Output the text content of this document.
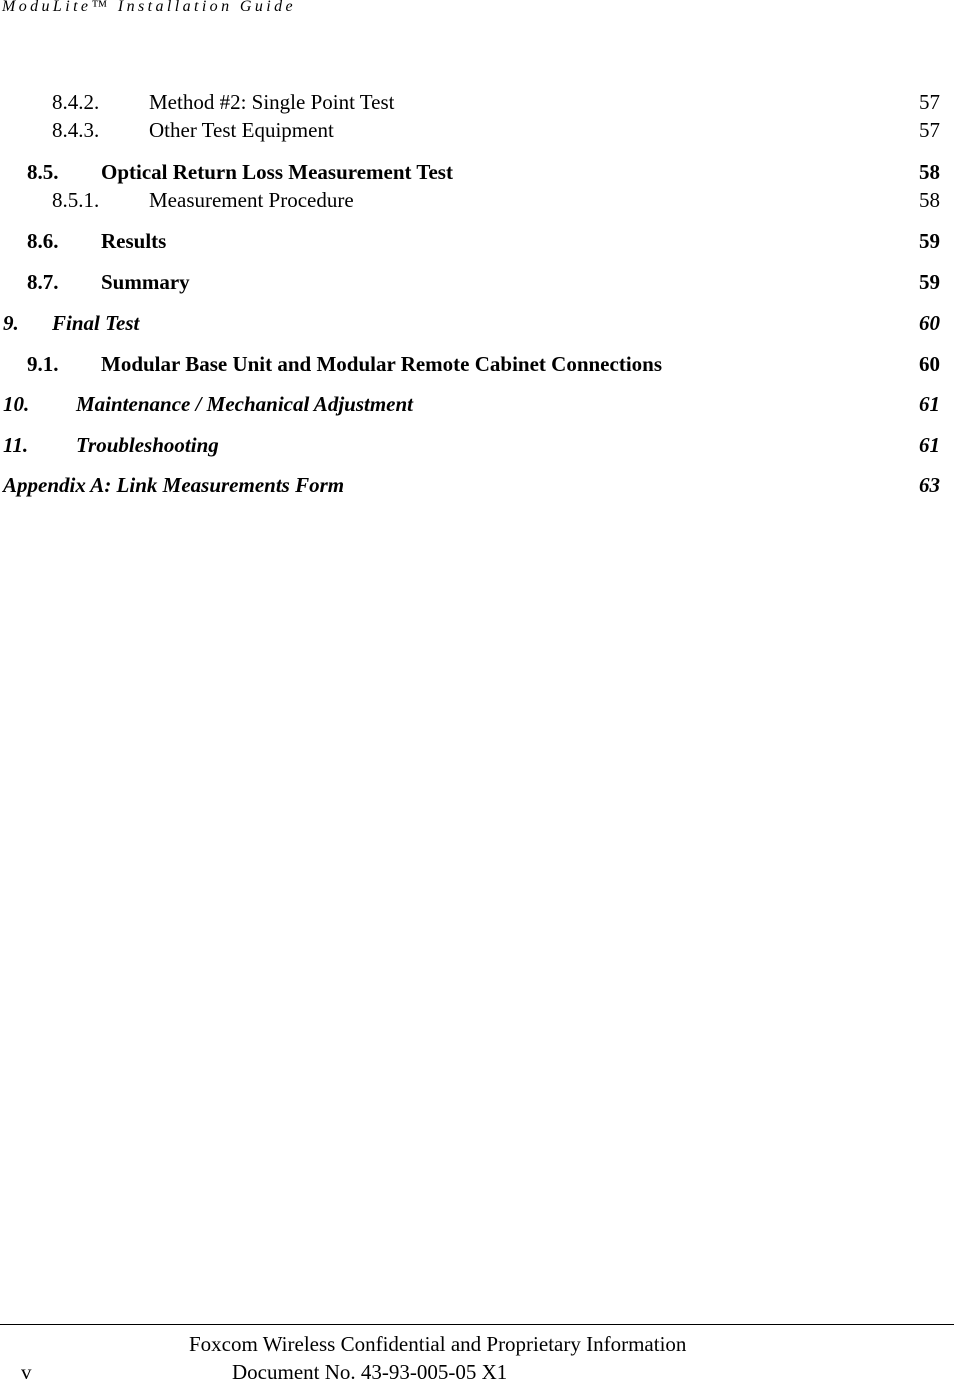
ModuLite™ Installation Guide
8.4.2. Method #2: Single Point Test	57
8.4.3. Other Test Equipment	57
8.5. Optical Return Loss Measurement Test	58
8.5.1. Measurement Procedure	58
8.6. Results	59
8.7. Summary	59
9. Final Test	60
9.1. Modular Base Unit and Modular Remote Cabinet Connections	60
10. Maintenance / Mechanical Adjustment	61
11. Troubleshooting	61
Appendix A: Link Measurements Form	63
Foxcom Wireless Confidential and Proprietary Information
v	Document No. 43-93-005-05 X1
